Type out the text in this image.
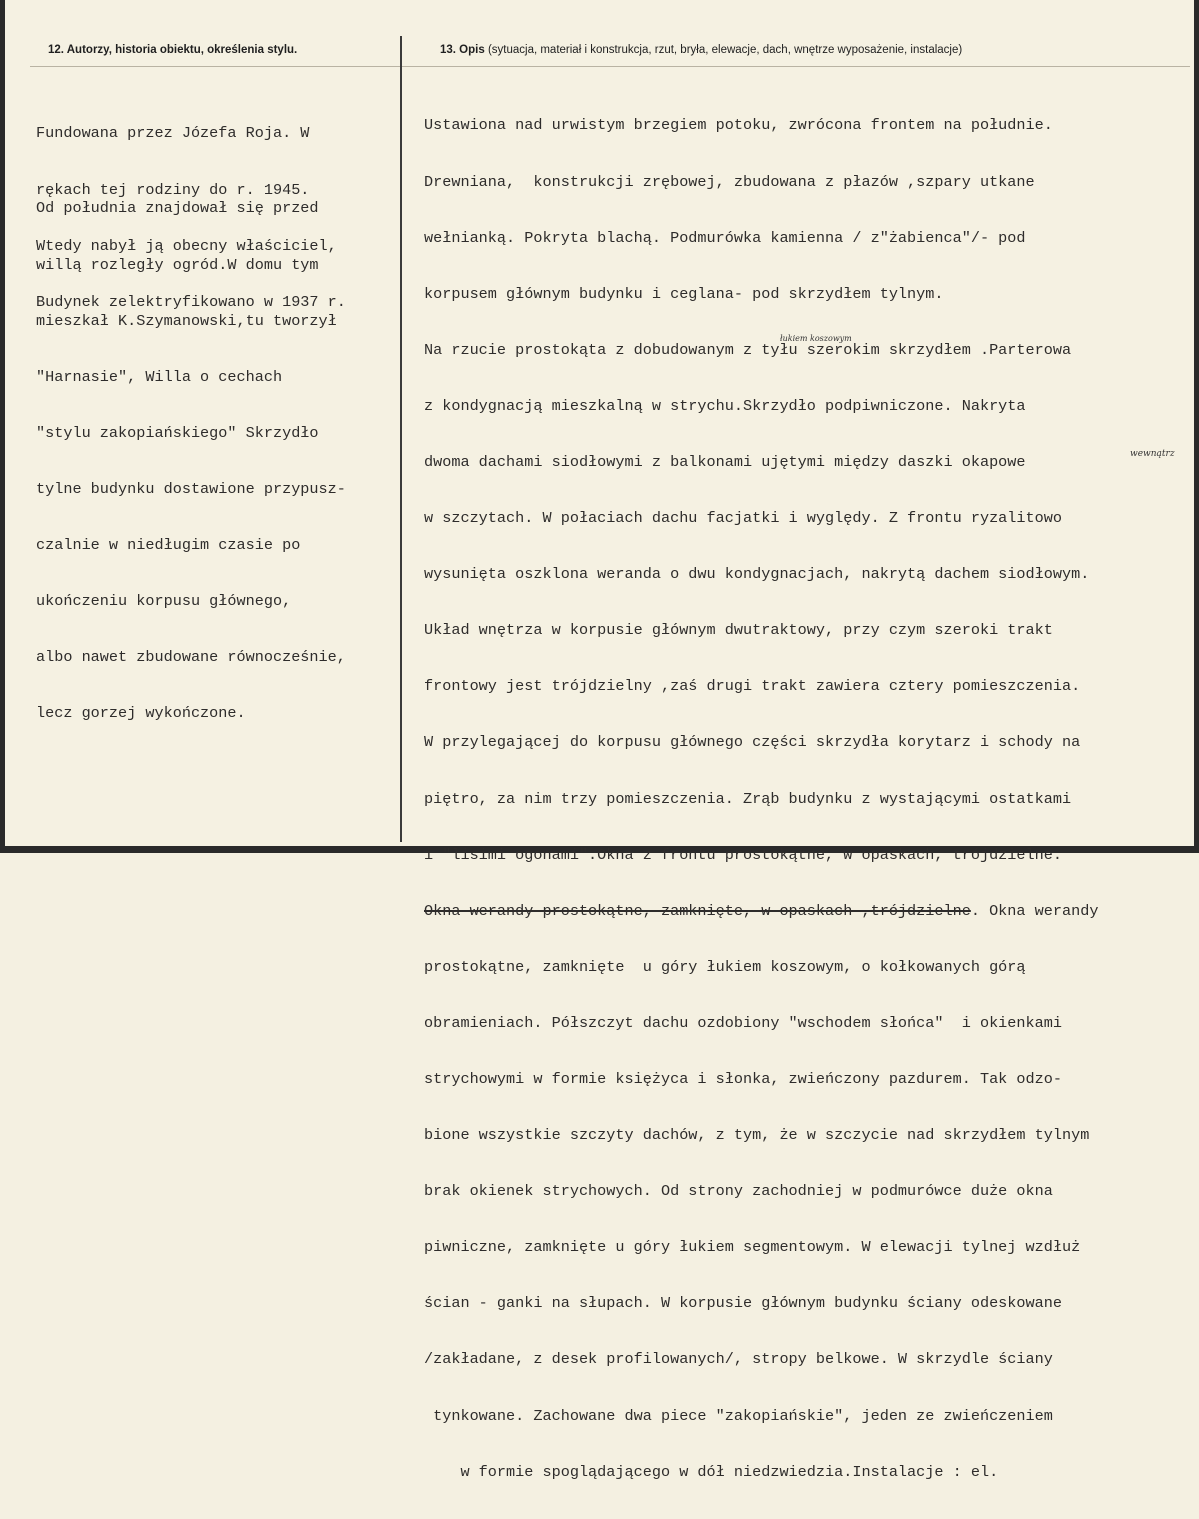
12. Autorzy, historia obiektu, określenia stylu.	13. Opis (sytuacja, materiał i konstrukcja, rzut, bryła, elewacje, dach, wnętrze wyposażenie, instalacje)

Fundowana przez Józefa Roja. W

rękach tej rodziny do r. 1945.

Wtedy nabył ją obecny właściciel,

Budynek zelektryfikowano w 1937 r.

Od południa znajdował się przed

willą rozległy ogród.W domu tym

mieszkał K.Szymanowski,tu tworzył

"Harnasie", Willa o cechach

"stylu zakopiańskiego" Skrzydło

tylne budynku dostawione przypusz-

czalnie w niedługim czasie po

ukończeniu korpusu głównego,

albo nawet zbudowane równocześnie,

lecz gorzej wykończone.

Ustawiona nad urwistym brzegiem potoku, zwrócona frontem na południe.

Drewniana,  konstrukcji zrębowej, zbudowana z płazów ,szpary utkane

wełnianką. Pokryta blachą. Podmurówka kamienna / z"żabienca"/- pod

korpusem głównym budynku i ceglana- pod skrzydłem tylnym.

Na rzucie prostokąta z dobudowanym z tyłu szerokim skrzydłem .Parterowa

z kondygnacją mieszkalną w strychu.Skrzydło podpiwniczone. Nakryta

dwoma dachami siodłowymi z balkonami ujętymi między daszki okapowe

w szczytach. W połaciach dachu facjatki i wyględy. Z frontu ryzalitowo

wysunięta oszklona weranda o dwu kondygnacjach, nakrytą dachem siodłowym.

Układ wnętrza w korpusie głównym dwutraktowy, przy czym szeroki trakt

frontowy jest trójdzielny ,zaś drugi trakt zawiera cztery pomieszczenia.

W przylegającej do korpusu głównego części skrzydła korytarz i schody na

piętro, za nim trzy pomieszczenia. Zrąb budynku z wystającymi ostatkami

i "lisimi ogonami".Okna z frontu prostokątne, w opaskach, trójdzielne.

Okna werandy prostokątne, zamknięte, w opaskach ,trójdzielne. Okna werandy

prostokątne, zamknięte  u góry łukiem koszowym, o kołkowanych górą

obramieniach. Półszczyt dachu ozdobiony "wschodem słońca"  i okienkami

strychowymi w formie księżyca i słonka, zwieńczony pazdurem. Tak odzo-

bione wszystkie szczyty dachów, z tym, że w szczycie nad skrzydłem tylnym

brak okienek strychowych. Od strony zachodniej w podmurówce duże okna

piwniczne, zamknięte u góry łukiem segmentowym. W elewacji tylnej wzdłuż

ścian - ganki na słupach. W korpusie głównym budynku ściany odeskowane

/zakładane, z desek profilowanych/, stropy belkowe. W skrzydle ściany

tynkowane. Zachowane dwa piece "zakopiańskie", jeden ze zwieńczeniem

w formie spoglądającego w dół niedzwiedzia.Instalacje : el.

wewnątrz
łukiem koszowym
